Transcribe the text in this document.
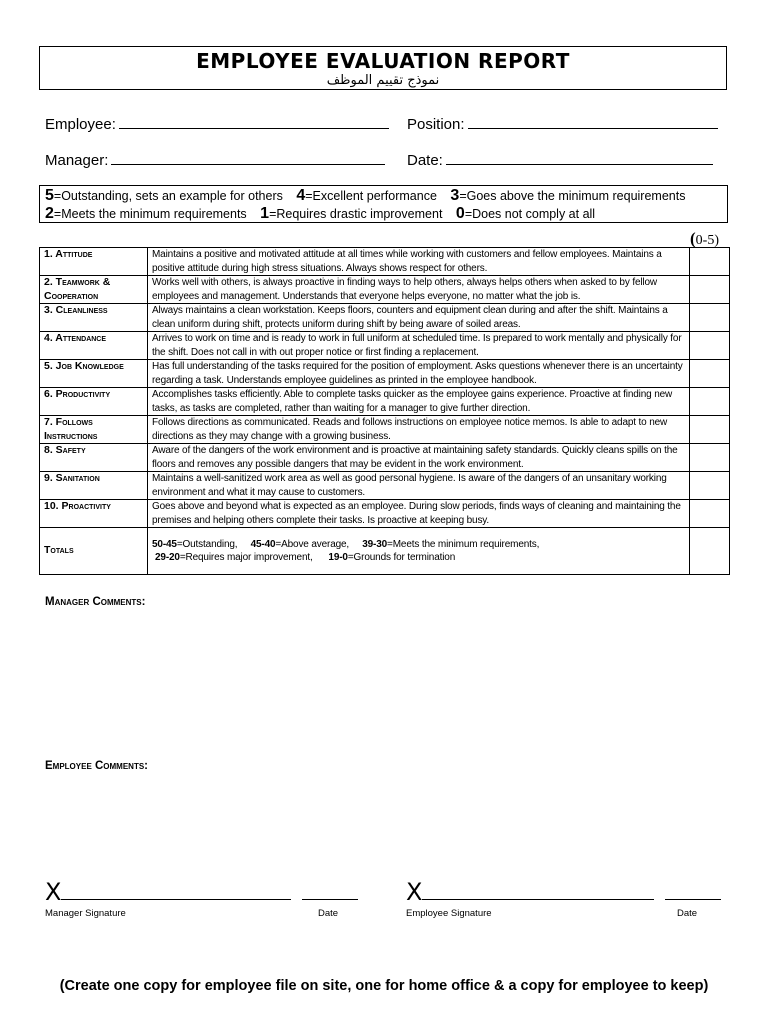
EMPLOYEE EVALUATION REPORT
نموذج تقييم الموظف
Employee:	Position:
Manager:	Date:
5=Outstanding, sets an example for others 4=Excellent performance 3=Goes above the minimum requirements
2=Meets the minimum requirements 1=Requires drastic improvement 0=Does not comply at all
(0-5)
1. Attitude	Maintains a positive and motivated attitude at all times while working with customers and fellow employees. Maintains a positive attitude during high stress situations. Always shows respect for others.	
2. Teamwork & Cooperation	Works well with others, is always proactive in finding ways to help others, always helps others when asked to by fellow employees and management. Understands that everyone helps everyone, no matter what the job is.	
3. Cleanliness	Always maintains a clean workstation. Keeps floors, counters and equipment clean during and after the shift. Maintains a clean uniform during shift, protects uniform during shift by being aware of soiled areas.	
4. Attendance	Arrives to work on time and is ready to work in full uniform at scheduled time. Is prepared to work mentally and physically for the shift. Does not call in with out proper notice or first finding a replacement.	
5. Job Knowledge	Has full understanding of the tasks required for the position of employment. Asks questions whenever there is an uncertainty regarding a task. Understands employee guidelines as printed in the employee handbook.	
6. Productivity	Accomplishes tasks efficiently. Able to complete tasks quicker as the employee gains experience. Proactive at finding new tasks, as tasks are completed, rather than waiting for a manager to give further direction.	
7. Follows Instructions	Follows directions as communicated. Reads and follows instructions on employee notice memos. Is able to adapt to new directions as they may change with a growing business.	
8. Safety	Aware of the dangers of the work environment and is proactive at maintaining safety standards. Quickly cleans spills on the floors and removes any possible dangers that may be evident in the work environment.	
9. Sanitation	Maintains a well-sanitized work area as well as good personal hygiene. Is aware of the dangers of an unsanitary working environment and what it may cause to customers.	
10. Proactivity	Goes above and beyond what is expected as an employee. During slow periods, finds ways of cleaning and maintaining the premises and helping others complete their tasks. Is proactive at keeping busy.	
Totals	50-45=Outstanding, 45-40=Above average, 39-30=Meets the minimum requirements,
29-20=Requires major improvement, 19-0=Grounds for termination	

Manager Comments:
Employee Comments:
X
Manager Signature	Date
X
Employee Signature	Date
(Create one copy for employee file on site, one for home office & a copy for employee to keep)
